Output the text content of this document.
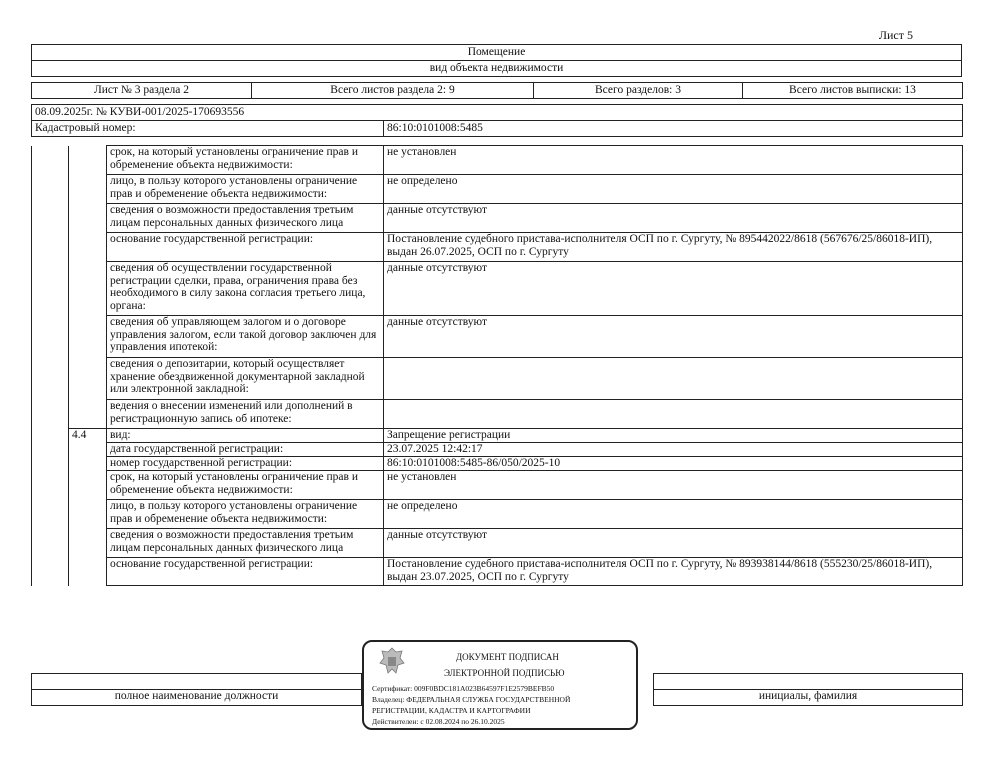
Лист 5
Помещение
вид объекта недвижимости
Лист № 3 раздела 2	Всего листов раздела 2: 9	Всего разделов: 3	Всего листов выписки: 13
08.09.2025г. № КУВИ-001/2025-170693556
Кадастровый номер:	86:10:0101008:5485
		срок, на который установлены ограничение прав и обременение объекта недвижимости:	не установлен
		лицо, в пользу которого установлены ограничение прав и обременение объекта недвижимости:	не определено
		сведения о возможности предоставления третьим лицам персональных данных физического лица	данные отсутствуют
		основание государственной регистрации:	Постановление судебного пристава-исполнителя ОСП по г. Сургуту, № 895442022/8618 (567676/25/86018-ИП), выдан 26.07.2025, ОСП по г. Сургуту
		сведения об осуществлении государственной регистрации сделки, права, ограничения права без необходимого в силу закона согласия третьего лица, органа:	данные отсутствуют
		сведения об управляющем залогом и о договоре управления залогом, если такой договор заключен для управления ипотекой:	данные отсутствуют
		сведения о депозитарии, который осуществляет хранение обездвиженной документарной закладной или электронной закладной:	
		ведения о внесении изменений или дополнений в регистрационную запись об ипотеке:	
	4.4	вид:	Запрещение регистрации
		дата государственной регистрации:	23.07.2025 12:42:17
		номер государственной регистрации:	86:10:0101008:5485-86/050/2025-10
		срок, на который установлены ограничение прав и обременение объекта недвижимости:	не установлен
		лицо, в пользу которого установлены ограничение прав и обременение объекта недвижимости:	не определено
		сведения о возможности предоставления третьим лицам персональных данных физического лица	данные отсутствуют
		основание государственной регистрации:	Постановление судебного пристава-исполнителя ОСП по г. Сургуту, № 893938144/8618 (555230/25/86018-ИП), выдан 23.07.2025, ОСП по г. Сургуту

полное наименование должности		инициалы, фамилия
ДОКУМЕНТ ПОДПИСАН
ЭЛЕКТРОННОЙ ПОДПИСЬЮ
Сертификат: 009F0BDC181A023B64597F1E2579BEFB50
Владелец: ФЕДЕРАЛЬНАЯ СЛУЖБА ГОСУДАРСТВЕННОЙ
РЕГИСТРАЦИИ, КАДАСТРА И КАРТОГРАФИИ
Действителен: с 02.08.2024 по 26.10.2025
